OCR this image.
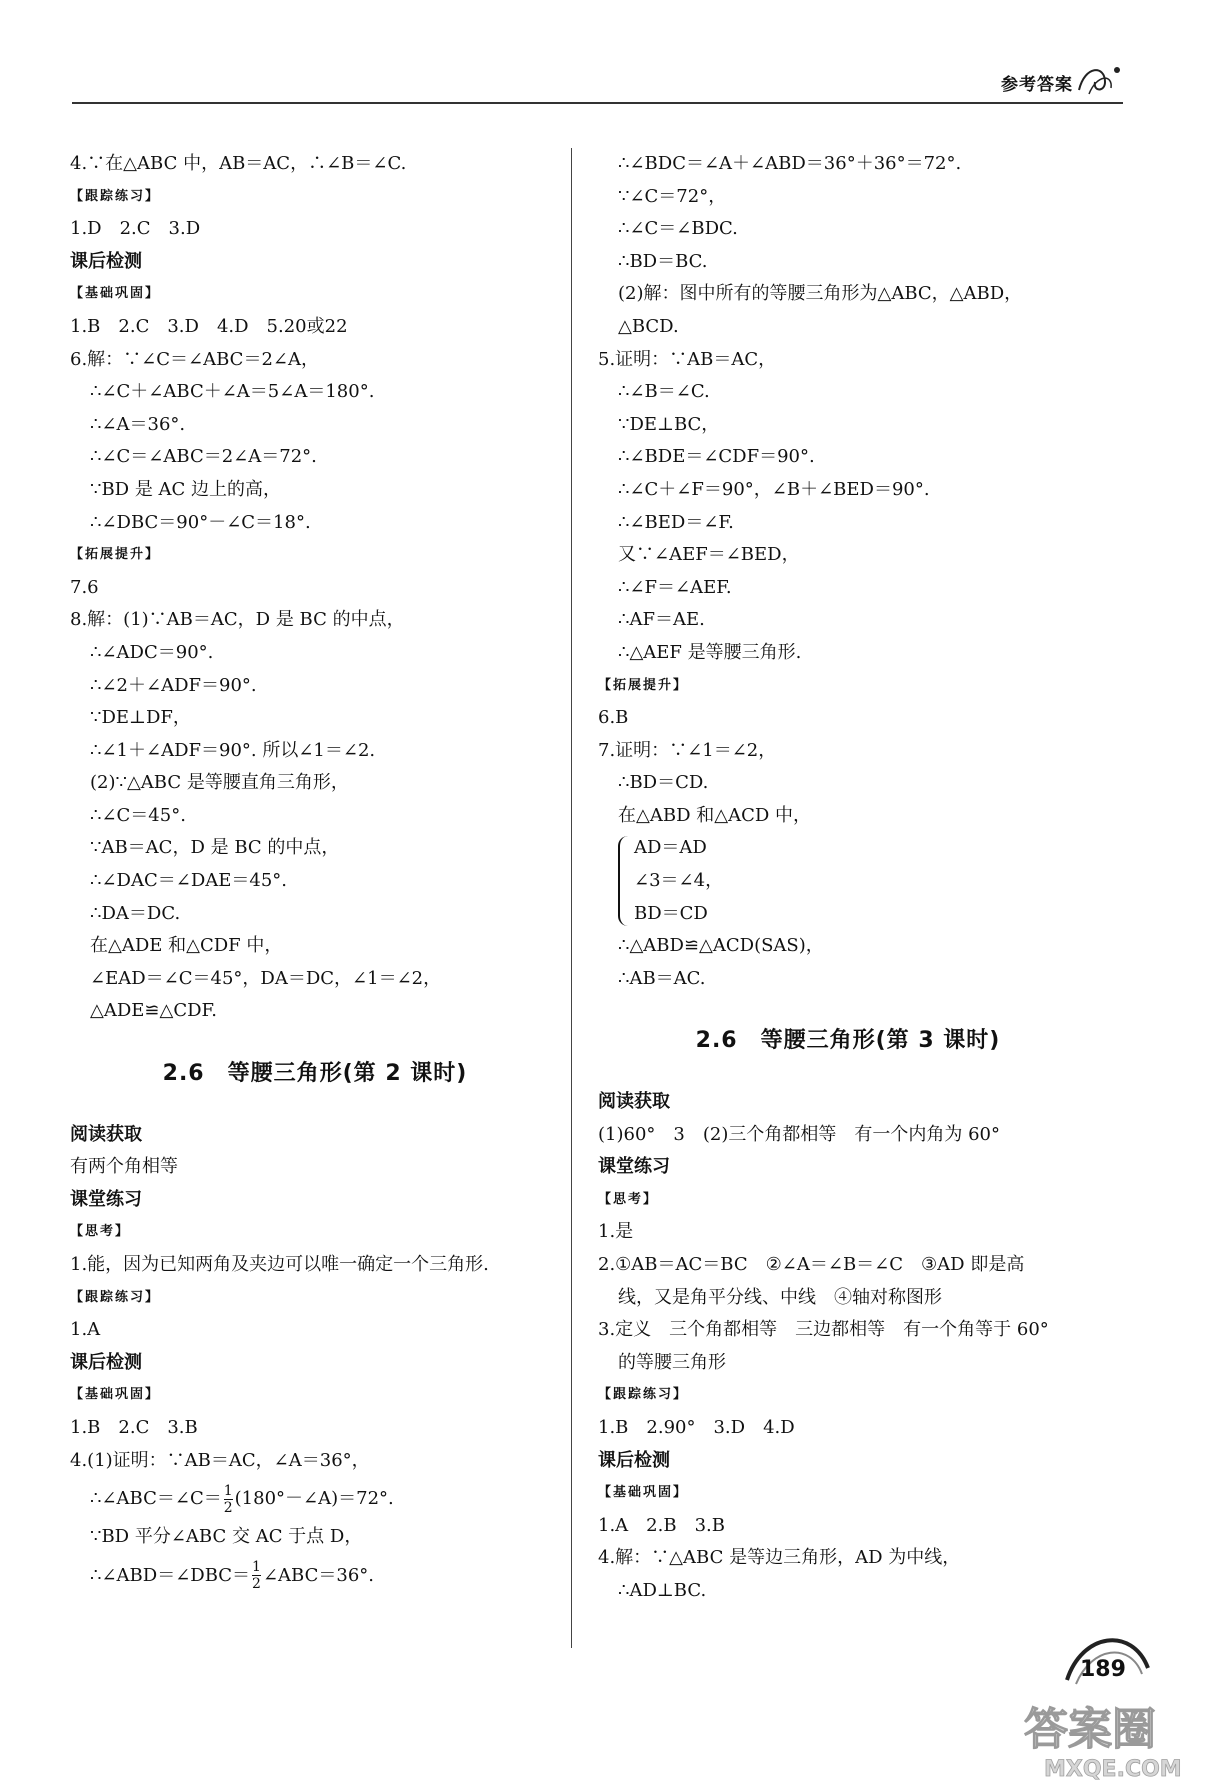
参考答案
4.∵在△ABC 中，AB＝AC，∴∠B＝∠C.
【跟踪练习】
1.D　2.C　3.D
课后检测
【基础巩固】
1.B　2.C　3.D　4.D　5.20或22
6.解：∵∠C＝∠ABC＝2∠A，
∴∠C＋∠ABC＋∠A＝5∠A＝180°.
∴∠A＝36°.
∴∠C＝∠ABC＝2∠A＝72°.
∵BD 是 AC 边上的高，
∴∠DBC＝90°－∠C＝18°.
【拓展提升】
7.6
8.解：(1)∵AB＝AC，D 是 BC 的中点，
∴∠ADC＝90°.
∴∠2＋∠ADF＝90°.
∵DE⊥DF，
∴∠1＋∠ADF＝90°. 所以∠1＝∠2.
(2)∵△ABC 是等腰直角三角形，
∴∠C＝45°.
∵AB＝AC，D 是 BC 的中点，
∴∠DAC＝∠DAE＝45°.
∴DA＝DC.
在△ADE 和△CDF 中，
∠EAD＝∠C＝45°，DA＝DC，∠1＝∠2，
△ADE≌△CDF.
2.6　等腰三角形(第 2 课时)
阅读获取
有两个角相等
课堂练习
【思考】
1.能，因为已知两角及夹边可以唯一确定一个三角形.
【跟踪练习】
1.A
课后检测
【基础巩固】
1.B　2.C　3.B
4.(1)证明：∵AB＝AC，∠A＝36°，
∴∠ABC＝∠C＝ $\frac{1}{2}$ (180°－∠A)＝72°.
∵BD 平分∠ABC 交 AC 于点 D，
∴∠ABD＝∠DBC＝ $\frac{1}{2}$ ∠ABC＝36°.
∴∠BDC＝∠A＋∠ABD＝36°＋36°＝72°.
∵∠C＝72°，
∴∠C＝∠BDC.
∴BD＝BC.
(2)解：图中所有的等腰三角形为△ABC，△ABD，
△BCD.
5.证明：∵AB＝AC，
∴∠B＝∠C.
∵DE⊥BC，
∴∠BDE＝∠CDF＝90°.
∴∠C＋∠F＝90°，∠B＋∠BED＝90°.
∴∠BED＝∠F.
又∵∠AEF＝∠BED，
∴∠F＝∠AEF.
∴AF＝AE.
∴△AEF 是等腰三角形.
【拓展提升】
6.B
7.证明：∵∠1＝∠2，
∴BD＝CD.
在△ABD 和△ACD 中，
AD＝AD
∠3＝∠4，
BD＝CD
∴△ABD≌△ACD(SAS)，
∴AB＝AC.
2.6　等腰三角形(第 3 课时)
阅读获取
(1)60°　3　(2)三个角都相等　有一个内角为 60°
课堂练习
【思考】
1.是
2.①AB＝AC＝BC　②∠A＝∠B＝∠C　③AD 即是高
线，又是角平分线、中线　④轴对称图形
3.定义　三个角都相等　三边都相等　有一个角等于 60°
的等腰三角形
【跟踪练习】
1.B　2.90°　3.D　4.D
课后检测
【基础巩固】
1.A　2.B　3.B
4.解：∵△ABC 是等边三角形，AD 为中线，
∴AD⊥BC.
189
答案圈
MXQE.COM
